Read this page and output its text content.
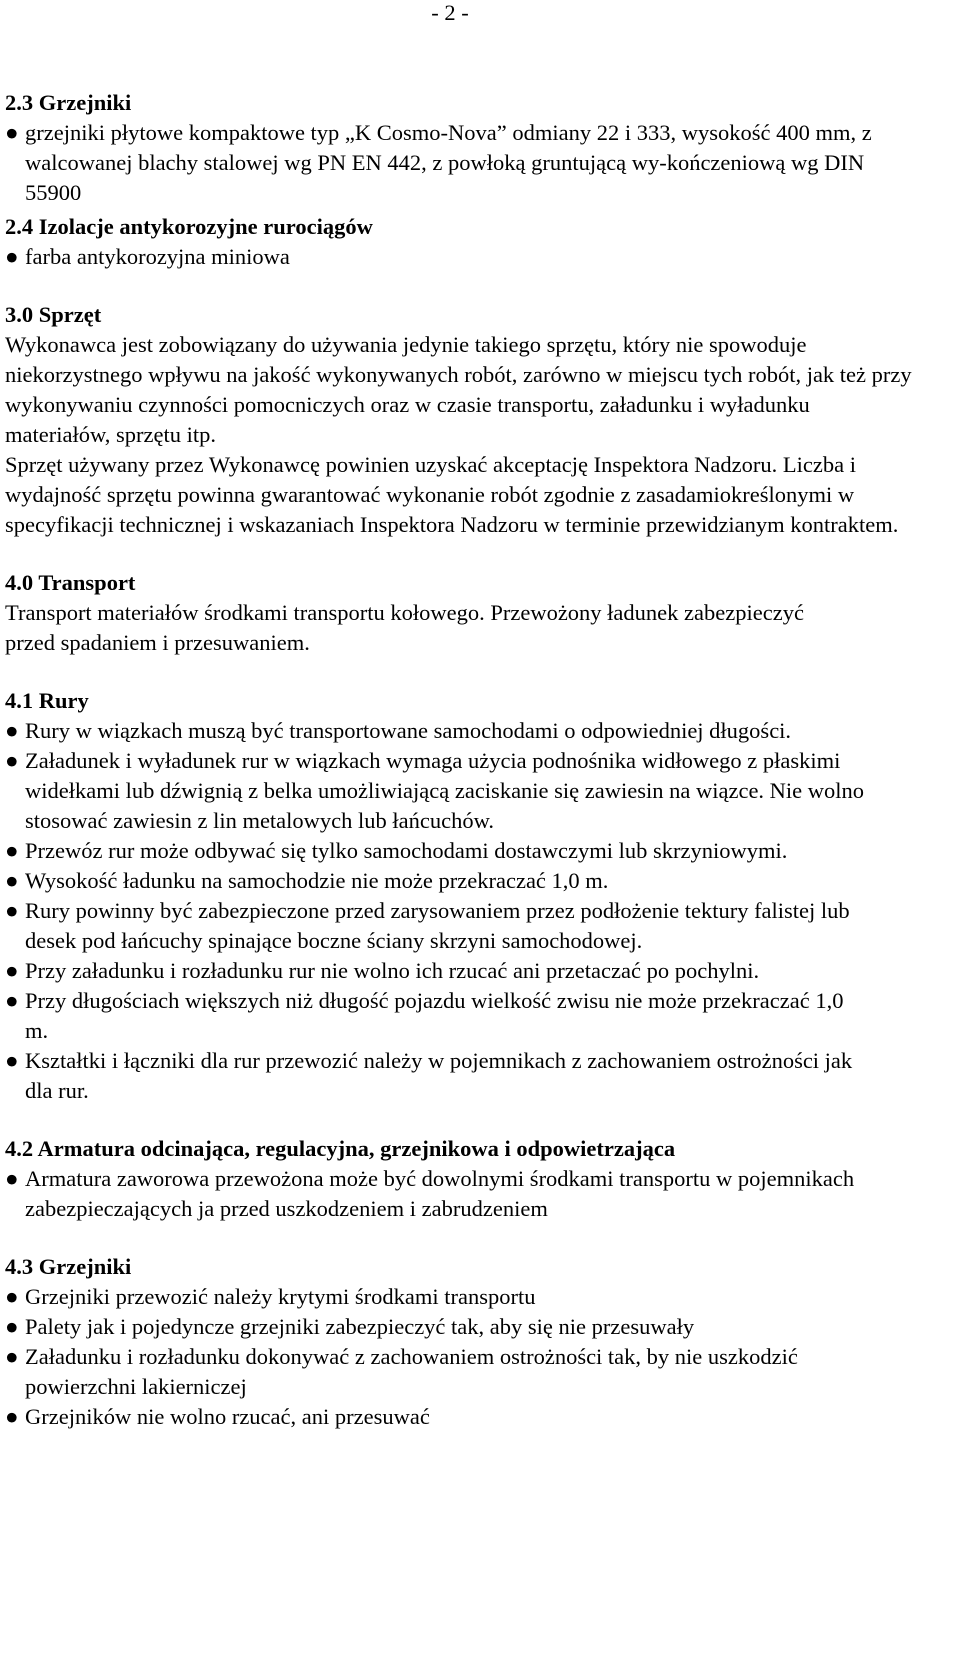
- 2 -

2.3 Grzejniki

● grzejniki płytowe kompaktowe typ „K Cosmo-Nova” odmiany 22 i 333, wysokość 400 mm, z walcowanej blachy stalowej wg PN EN 442, z powłoką gruntującą wy-kończeniową wg DIN 55900

2.4 Izolacje antykorozyjne rurociągów

● farba antykorozyjna miniowa

3.0 Sprzęt

Wykonawca jest zobowiązany do używania jedynie takiego sprzętu, który nie spowoduje niekorzystnego wpływu na jakość wykonywanych robót, zarówno w miejscu tych robót, jak też przy wykonywaniu czynności pomocniczych oraz w czasie transportu, załadunku i wyładunku materiałów, sprzętu itp.

Sprzęt używany przez Wykonawcę powinien uzyskać akceptację Inspektora Nadzoru. Liczba i wydajność sprzętu powinna gwarantować wykonanie robót zgodnie z zasadamiokreślonymi w specyfikacji technicznej i wskazaniach Inspektora Nadzoru w terminie przewidzianym kontraktem.

4.0 Transport

Transport materiałów środkami transportu kołowego. Przewożony ładunek zabezpieczyć przed spadaniem i przesuwaniem.

4.1 Rury

● Rury w wiązkach muszą być transportowane samochodami o odpowiedniej długości.

● Załadunek i wyładunek rur w wiązkach wymaga użycia podnośnika widłowego z płaskimi widełkami lub dźwignią z belka umożliwiającą zaciskanie się zawiesin na wiązce. Nie wolno stosować zawiesin z lin metalowych lub łańcuchów.

● Przewóz rur może odbywać się tylko samochodami dostawczymi lub skrzyniowymi.

● Wysokość ładunku na samochodzie nie może przekraczać 1,0 m.

● Rury powinny być zabezpieczone przed zarysowaniem przez podłożenie tektury falistej lub desek pod łańcuchy spinające boczne ściany skrzyni samochodowej.

● Przy załadunku i rozładunku rur nie wolno ich rzucać ani przetaczać po pochylni.

● Przy długościach większych niż długość pojazdu wielkość zwisu nie może przekraczać 1,0 m.

● Kształtki i łączniki dla rur przewozić należy w pojemnikach z zachowaniem ostrożności jak dla rur.

4.2 Armatura odcinająca, regulacyjna, grzejnikowa i odpowietrzająca

● Armatura zaworowa przewożona może być dowolnymi środkami transportu w pojemnikach zabezpieczających ja przed uszkodzeniem i zabrudzeniem

4.3 Grzejniki

● Grzejniki przewozić należy krytymi środkami transportu

● Palety jak i pojedyncze grzejniki zabezpieczyć tak, aby się nie przesuwały

● Załadunku i rozładunku dokonywać z zachowaniem ostrożności tak, by nie uszkodzić powierzchni lakierniczej

● Grzejników nie wolno rzucać, ani przesuwać
